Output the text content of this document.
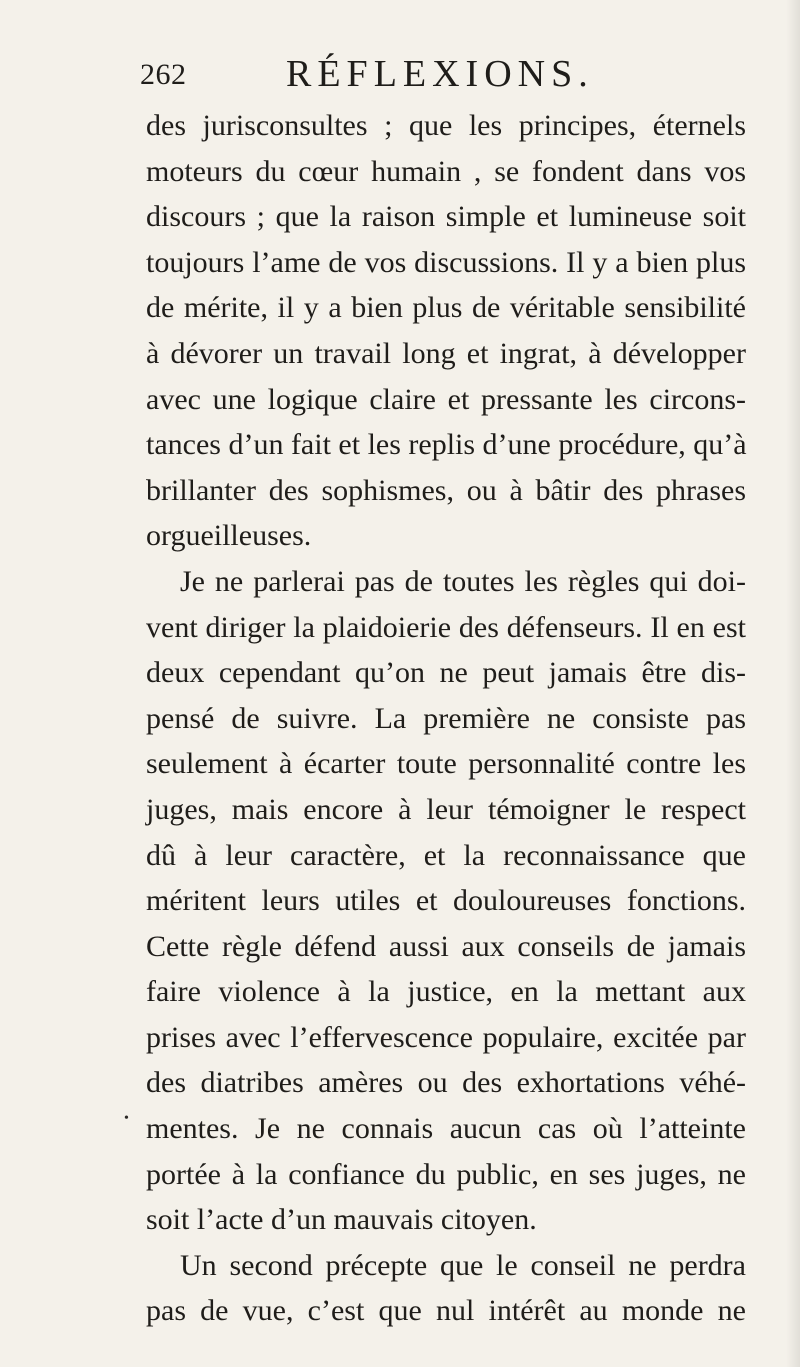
262	RÉFLEXIONS.
des jurisconsultes ; que les principes, éternels
moteurs du cœur humain , se fondent dans vos
discours ; que la raison simple et lumineuse soit
toujours l’ame de vos discussions. Il y a bien plus
de mérite, il y a bien plus de véritable sensibilité
à dévorer un travail long et ingrat, à développer
avec une logique claire et pressante les circons-
tances d’un fait et les replis d’une procédure, qu’à
brillanter des sophismes, ou à bâtir des phrases
orgueilleuses.
Je ne parlerai pas de toutes les règles qui doi-
vent diriger la plaidoierie des défenseurs. Il en est
deux cependant qu’on ne peut jamais être dis-
pensé de suivre. La première ne consiste pas
seulement à écarter toute personnalité contre les
juges, mais encore à leur témoigner le respect
dû à leur caractère, et la reconnaissance que
méritent leurs utiles et douloureuses fonctions.
Cette règle défend aussi aux conseils de jamais
faire violence à la justice, en la mettant aux
prises avec l’effervescence populaire, excitée par
des diatribes amères ou des exhortations véhé-
mentes. Je ne connais aucun cas où l’atteinte
portée à la confiance du public, en ses juges, ne
soit l’acte d’un mauvais citoyen.
Un second précepte que le conseil ne perdra
pas de vue, c’est que nul intérêt au monde ne
•
